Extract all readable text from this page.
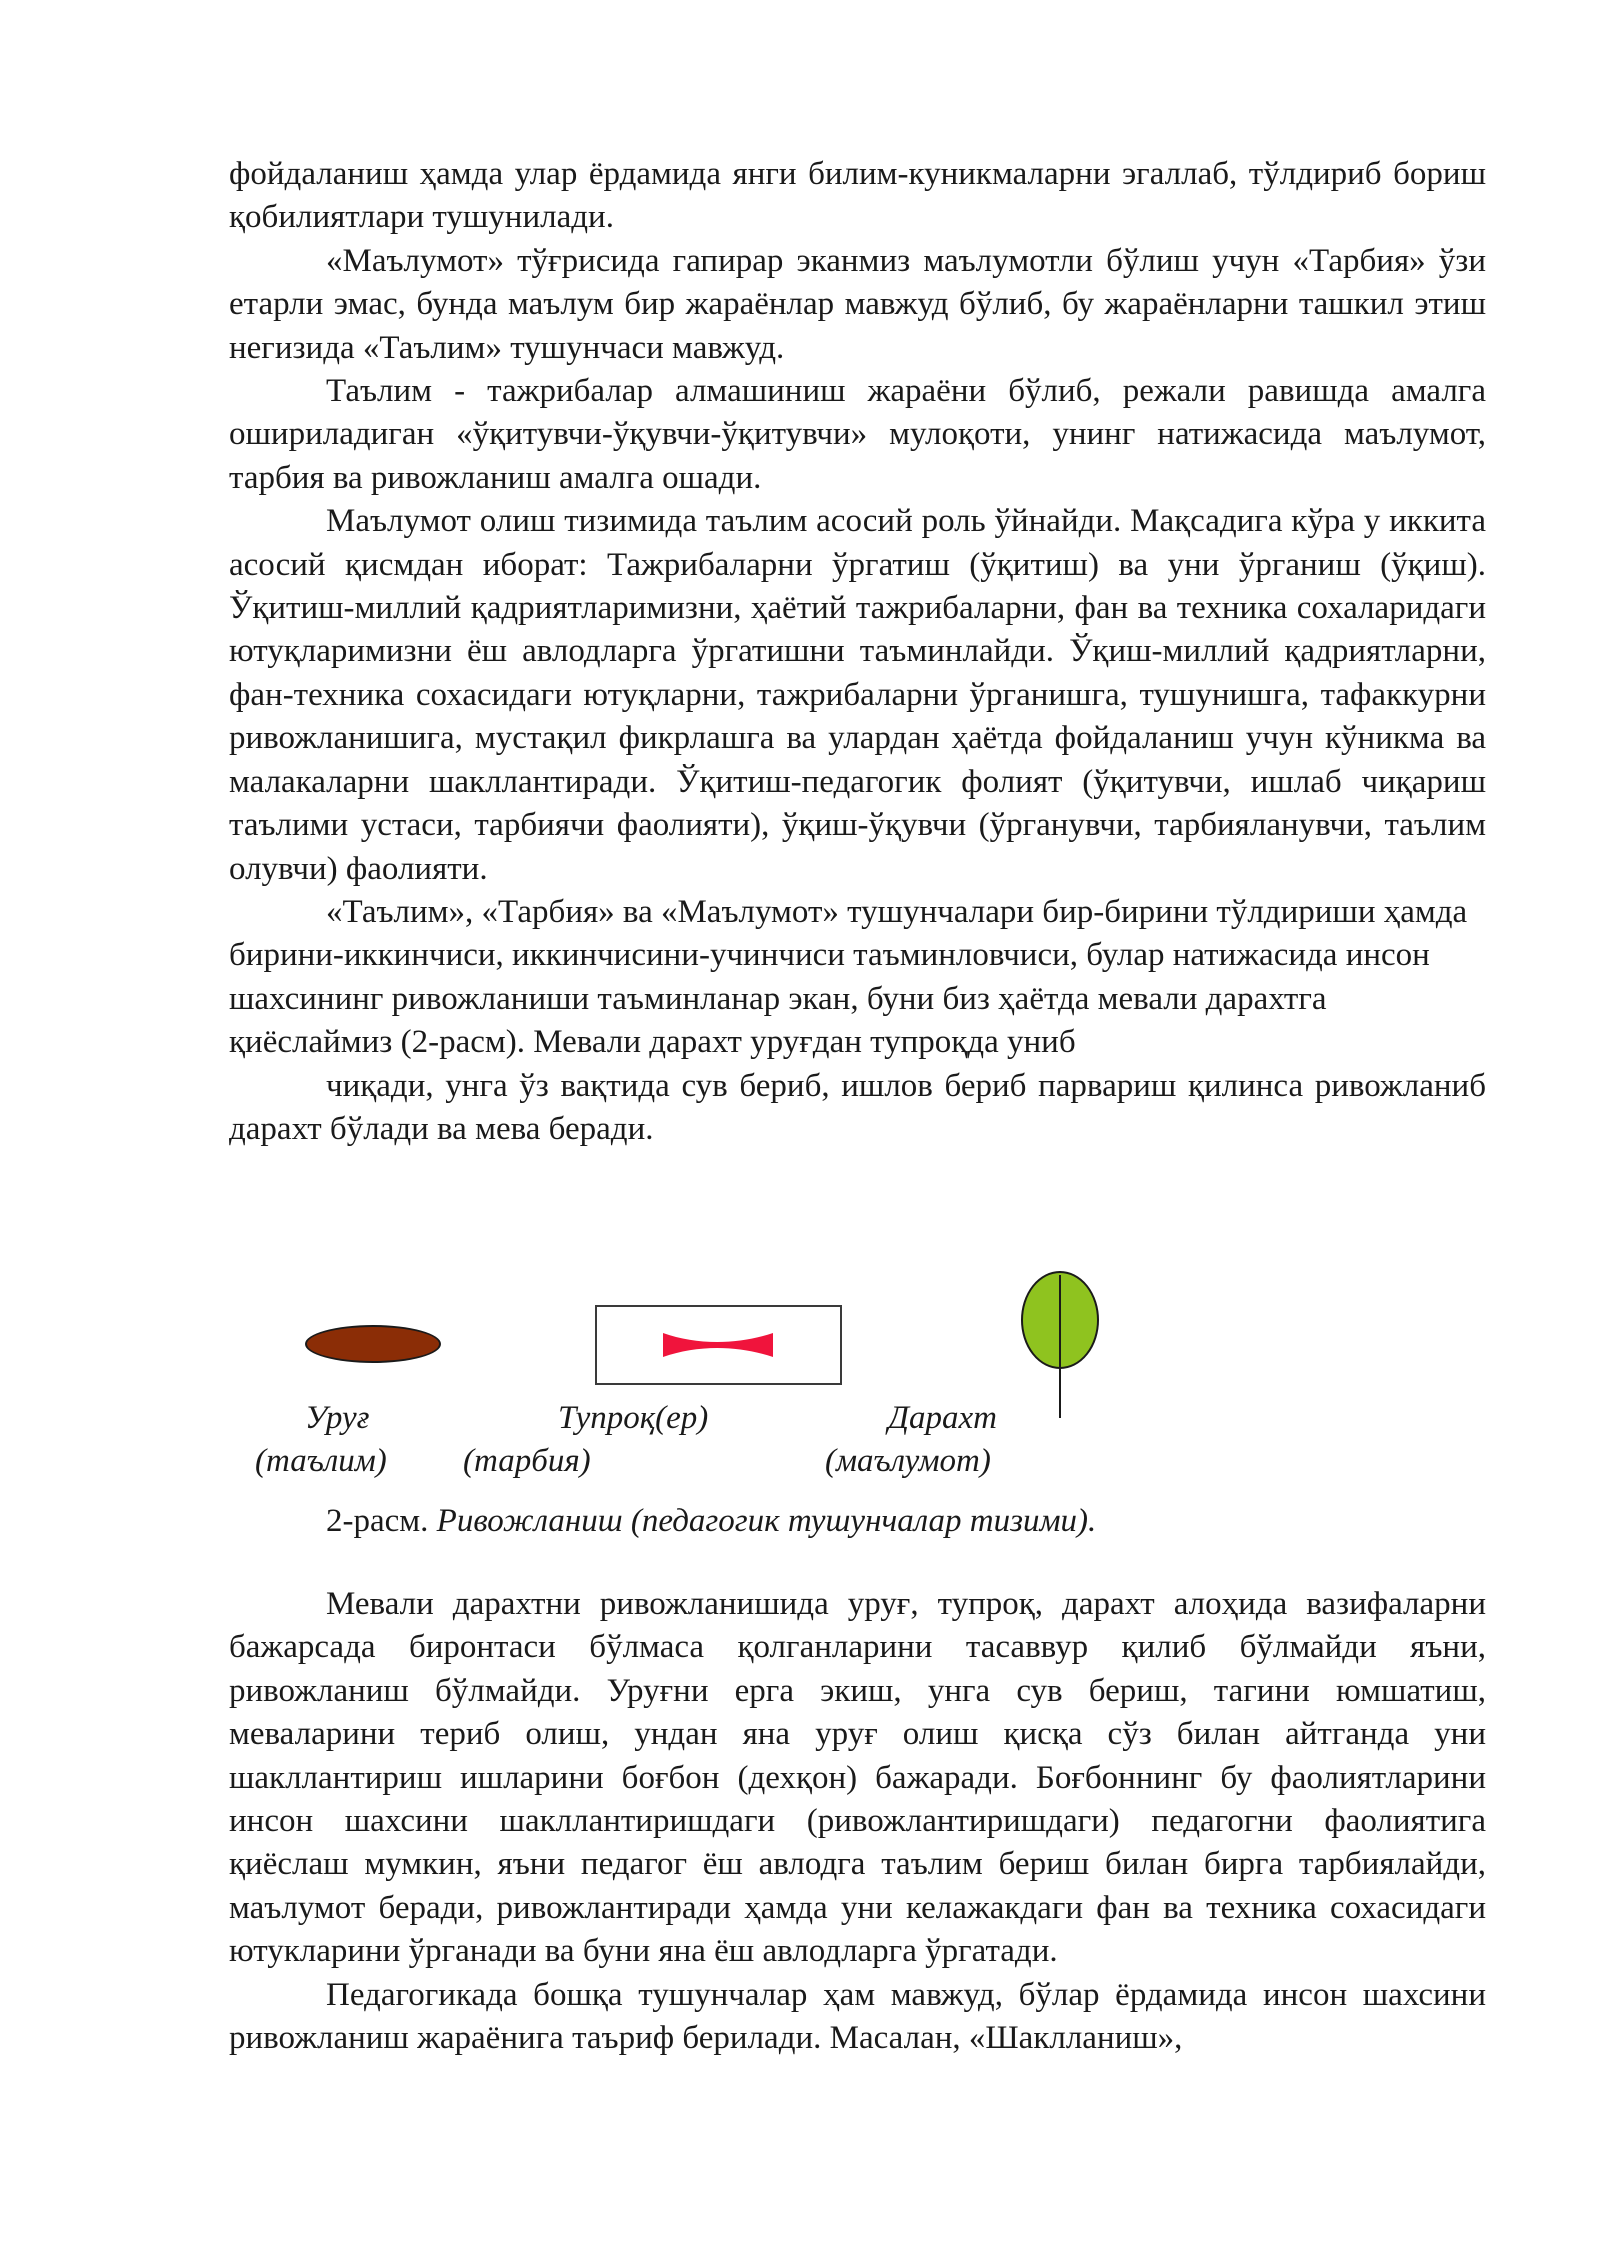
фойдаланиш ҳамда улар ёрдамида янги билим-куникмаларни эгаллаб, тўлдириб бориш қобилиятлари тушунилади.

«Маълумот» тўғрисида гапирар эканмиз маълумотли бўлиш учун «Тарбия» ўзи етарли эмас, бунда маълум бир жараёнлар мавжуд бўлиб, бу жараёнларни ташкил этиш негизида «Таълим» тушунчаси мавжуд.

Таълим - тажрибалар алмашиниш жараёни бўлиб, режали равишда амалга ошириладиган «ўқитувчи-ўқувчи-ўқитувчи» мулоқоти, унинг натижасида маълумот, тарбия ва ривожланиш амалга ошади.

Маълумот олиш тизимида таълим асосий роль ўйнайди. Мақсадига кўра у иккита асосий қисмдан иборат: Тажрибаларни ўргатиш (ўқитиш) ва уни ўрганиш (ўқиш). Ўқитиш-миллий қадриятларимизни, ҳаётий тажрибаларни, фан ва техника сохаларидаги ютуқларимизни ёш авлодларга ўргатишни таъминлайди. Ўқиш-миллий қадриятларни, фан-техника сохасидаги ютуқларни, тажрибаларни ўрганишга, тушунишга, тафаккурни ривожланишига, мустақил фикрлашга ва улардан ҳаётда фойдаланиш учун кўникма ва малакаларни шакллантиради. Ўқитиш-педагогик фолият (ўқитувчи, ишлаб чиқариш таълими устаси, тарбиячи фаолияти), ўқиш-ўқувчи (ўрганувчи, тарбияланувчи, таълим олувчи) фаолияти.

«Таълим», «Тарбия» ва «Маълумот» тушунчалари бир-бирини тўлдириши ҳамда бирини-иккинчиси, иккинчисини-учинчиси таъминловчиси, булар натижасида инсон шахсининг ривожланиши таъминланар экан, буни биз ҳаётда мевали дарахтга қиёслаймиз (2-расм). Мевали дарахт уруғдан тупроқда униб

чиқади, унга ўз вақтида сув бериб, ишлов бериб парвариш қилинса ривожланиб дарахт бўлади ва мева беради.

Уруғ	Тупроқ(ер)	Дарахт
(таълим) (тарбия)	(маълумот)
2-расм. Ривожланиш (педагогик тушунчалар тизими).

Мевали дарахтни ривожланишида уруғ, тупроқ, дарахт алоҳида вазифаларни бажарсада биронтаси бўлмаса қолганларини тасаввур қилиб бўлмайди яъни, ривожланиш бўлмайди. Уруғни ерга экиш, унга сув бериш, тагини юмшатиш, меваларини териб олиш, ундан яна уруғ олиш қисқа сўз билан айтганда уни шакллантириш ишларини боғбон (дехқон) бажаради. Боғбоннинг бу фаолиятларини инсон шахсини шакллантиришдаги (ривожлантиришдаги) педагогни фаолиятига қиёслаш мумкин, яъни педагог ёш авлодга таълим бериш билан бирга тарбиялайди, маълумот беради, ривожлантиради ҳамда уни келажакдаги фан ва техника сохасидаги ютукларини ўрганади ва буни яна ёш авлодларга ўргатади.

Педагогикада бошқа тушунчалар ҳам мавжуд, бўлар ёрдамида инсон шахсини ривожланиш жараёнига таъриф берилади. Масалан, «Шаклланиш»,
